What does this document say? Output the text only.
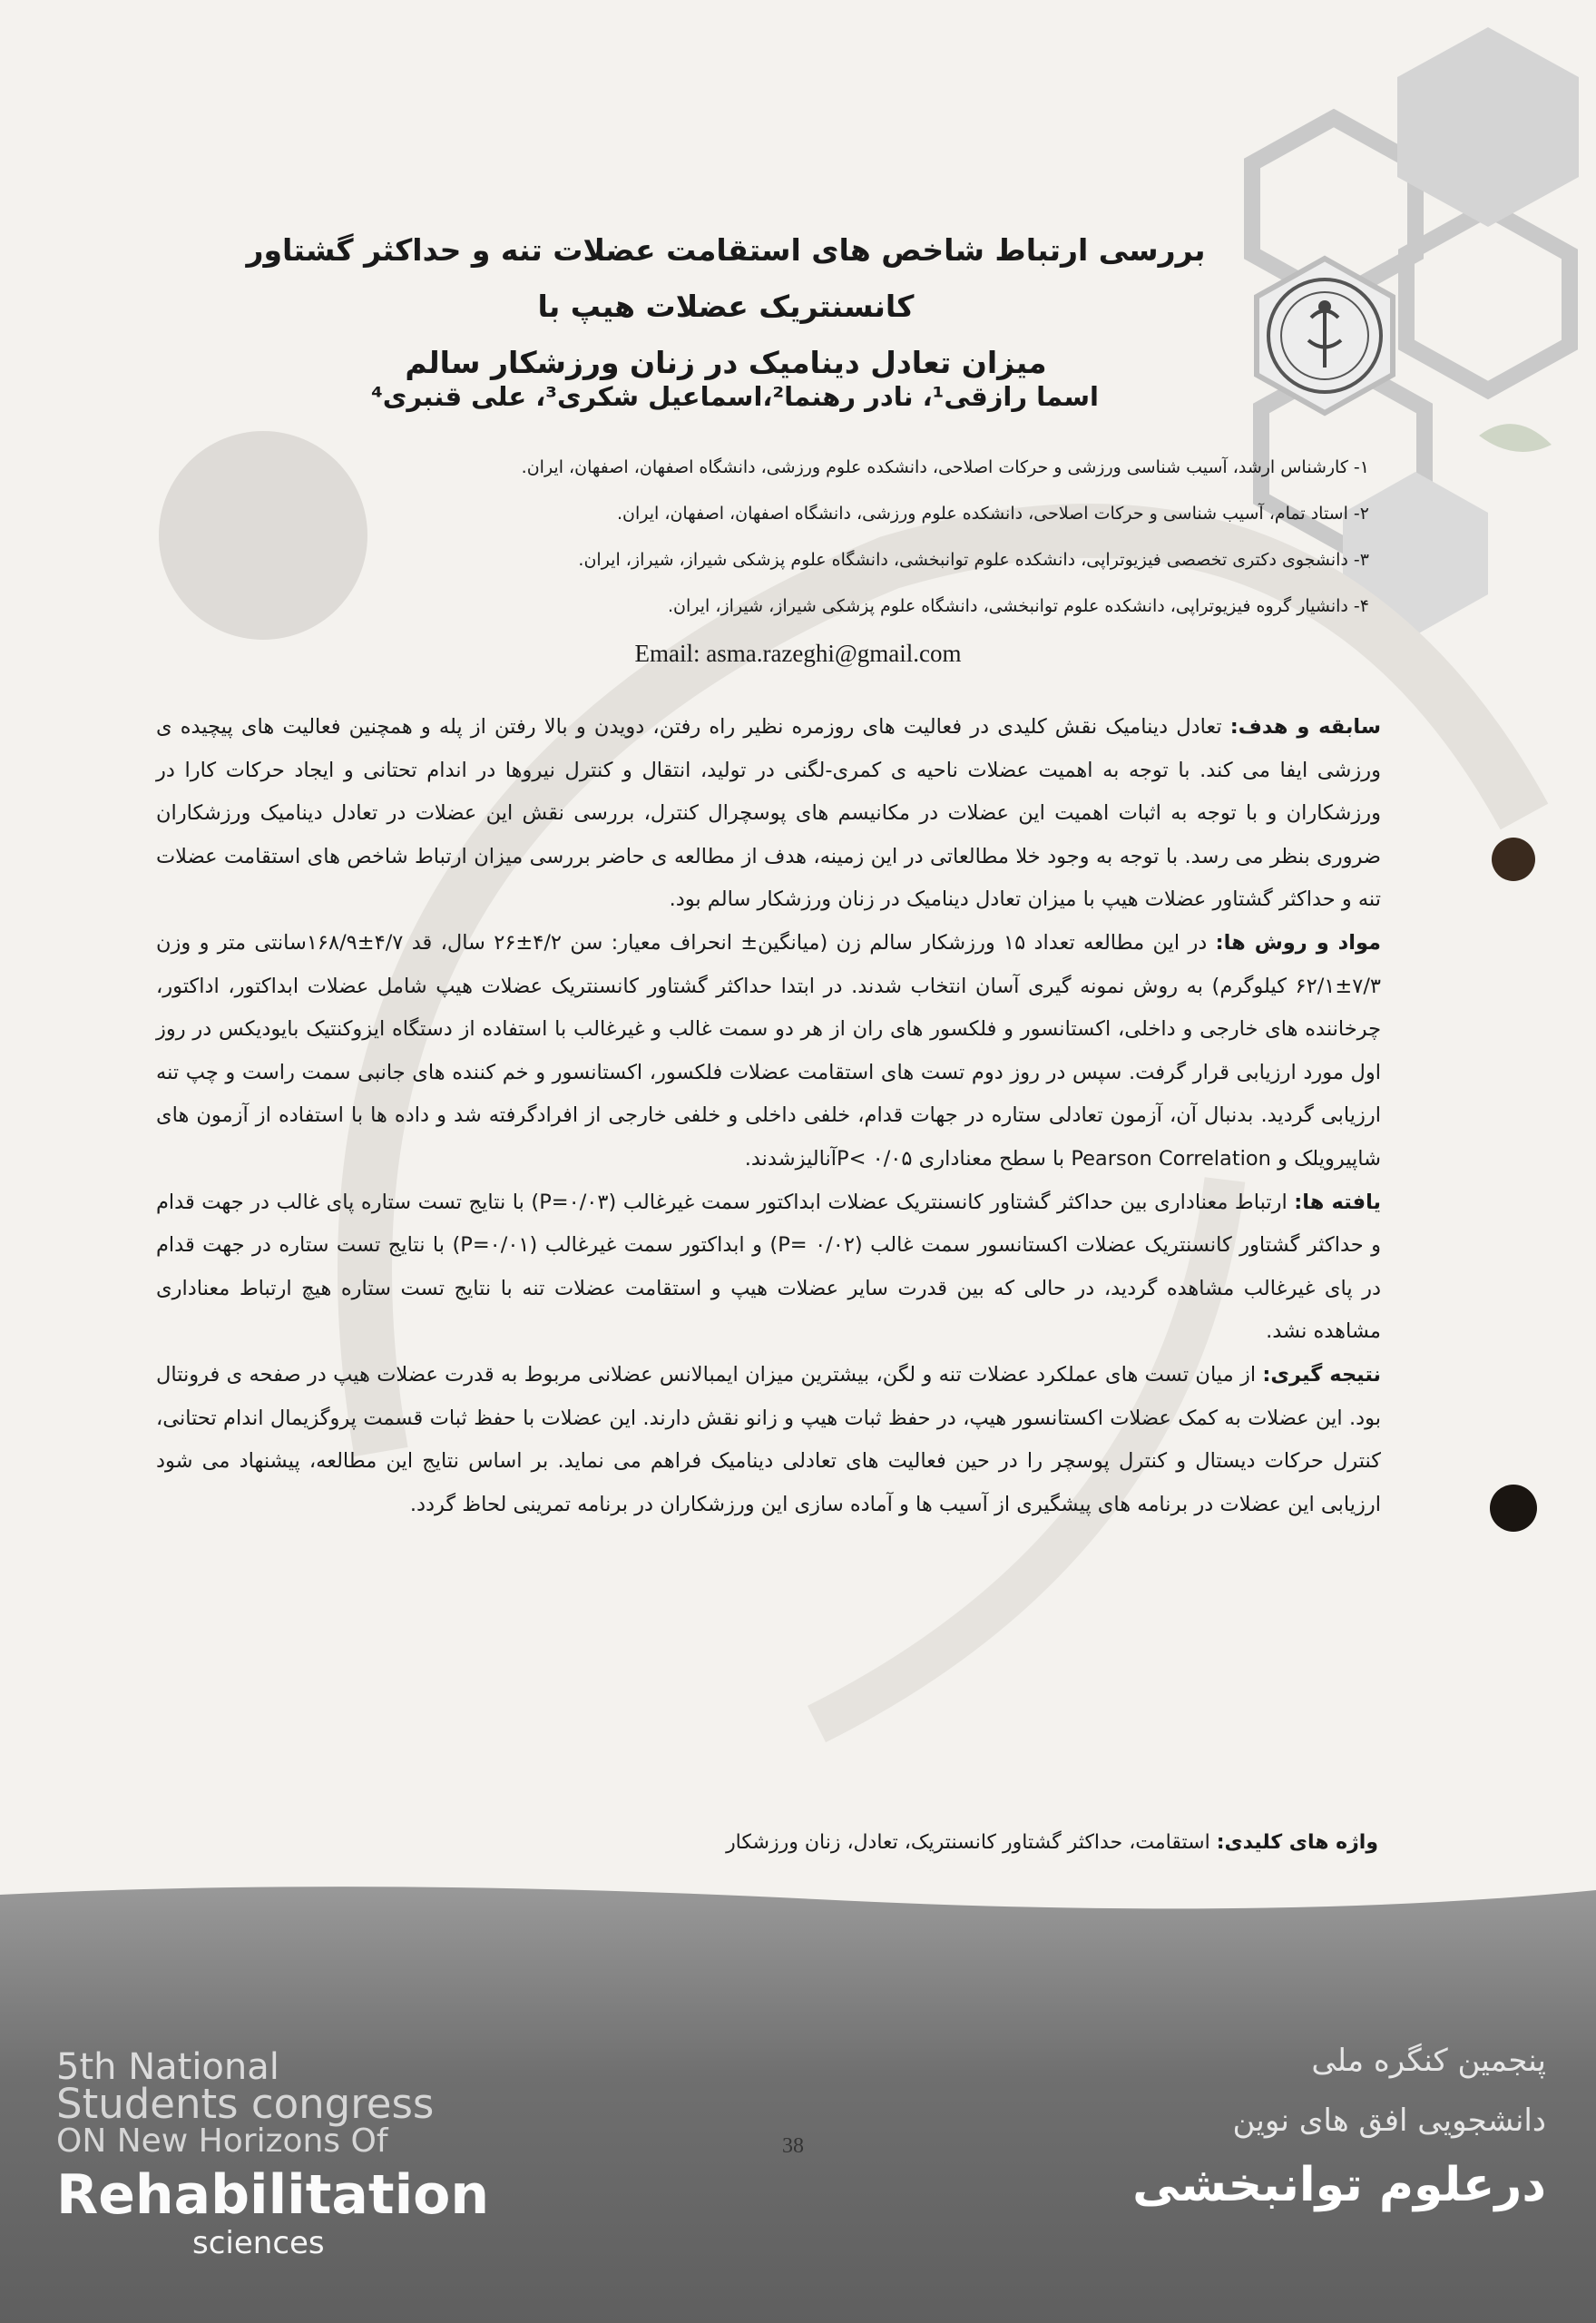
بررسی ارتباط شاخص های استقامت عضلات تنه و حداکثر گشتاور کانسنتریک عضلات هیپ با
میزان تعادل دینامیک در زنان ورزشکار سالم
اسما رازقی¹، نادر رهنما²،اسماعیل شکری³، علی قنبری⁴
۱- کارشناس ارشد، آسیب شناسی ورزشی و حرکات اصلاحی، دانشکده علوم ورزشی، دانشگاه اصفهان، اصفهان، ایران.
۲- استاد تمام، آسیب شناسی و حرکات اصلاحی، دانشکده علوم ورزشی، دانشگاه اصفهان، اصفهان، ایران.
۳- دانشجوی دکتری تخصصی فیزیوتراپی، دانشکده علوم توانبخشی، دانشگاه علوم پزشکی شیراز، شیراز، ایران.
۴- دانشیار گروه فیزیوتراپی، دانشکده علوم توانبخشی، دانشگاه علوم پزشکی شیراز، شیراز، ایران.
Email: asma.razeghi@gmail.com

سابقه و هدف: تعادل دینامیک نقش کلیدی در فعالیت های روزمره نظیر راه رفتن، دویدن و بالا رفتن از پله و همچنین فعالیت های پیچیده ی ورزشی ایفا می کند. با توجه به اهمیت عضلات ناحیه ی کمری-لگنی در تولید، انتقال و کنترل نیروها در اندام تحتانی و ایجاد حرکات کارا در ورزشکاران و با توجه به اثبات اهمیت این عضلات در مکانیسم های پوسچرال کنترل، بررسی نقش این عضلات در تعادل دینامیک ورزشکاران ضروری بنظر می رسد. با توجه به وجود خلا مطالعاتی در این زمینه، هدف از مطالعه ی حاضر بررسی میزان ارتباط شاخص های استقامت عضلات تنه و حداکثر گشتاور عضلات هیپ با میزان تعادل دینامیک در زنان ورزشکار سالم بود.

مواد و روش ها: در این مطالعه تعداد ۱۵ ورزشکار سالم زن (میانگین± انحراف معیار: سن ۴/۲±۲۶ سال، قد ۴/۷±۱۶۸/۹سانتی متر و وزن ۷/۳±۶۲/۱ کیلوگرم) به روش نمونه گیری آسان انتخاب شدند. در ابتدا حداکثر گشتاور کانسنتریک عضلات هیپ شامل عضلات ابداکتور، اداکتور، چرخاننده های خارجی و داخلی، اکستانسور و فلکسور های ران از هر دو سمت غالب و غیرغالب با استفاده از دستگاه ایزوکنتیک بایودیکس در روز اول مورد ارزیابی قرار گرفت. سپس در روز دوم تست های استقامت عضلات فلکسور، اکستانسور و خم کننده های جانبی سمت راست و چپ تنه ارزیابی گردید. بدنبال آن، آزمون تعادلی ستاره در جهات قدام، خلفی داخلی و خلفی خارجی از افرادگرفته شد و داده ها با استفاده از آزمون های شاپیرویلک و Pearson Correlation با سطح معناداری P< ۰/۰۵آنالیزشدند.

یافته ها: ارتباط معناداری بین حداکثر گشتاور کانسنتریک عضلات ابداکتور سمت غیرغالب (P=۰/۰۳) با نتایج تست ستاره پای غالب در جهت قدام و حداکثر گشتاور کانسنتریک عضلات اکستانسور سمت غالب (P= ۰/۰۲) و ابداکتور سمت غیرغالب (P=۰/۰۱) با نتایج تست ستاره در جهت قدام در پای غیرغالب مشاهده گردید، در حالی که بین قدرت سایر عضلات هیپ و استقامت عضلات تنه با نتایج تست ستاره هیچ ارتباط معناداری مشاهده نشد.

نتیجه گیری: از میان تست های عملکرد عضلات تنه و لگن، بیشترین میزان ایمبالانس عضلانی مربوط به قدرت عضلات هیپ در صفحه ی فرونتال بود. این عضلات به کمک عضلات اکستانسور هیپ، در حفظ ثبات هیپ و زانو نقش دارند. این عضلات با حفظ ثبات قسمت پروگزیمال اندام تحتانی، کنترل حرکات دیستال و کنترل پوسچر را در حین فعالیت های تعادلی دینامیک فراهم می نماید. بر اساس نتایج این مطالعه، پیشنهاد می شود ارزیابی این عضلات در برنامه های پیشگیری از آسیب ها و آماده سازی این ورزشکاران در برنامه تمرینی لحاظ گردد.

واژه های کلیدی: استقامت، حداکثر گشتاور کانسنتریک، تعادل، زنان ورزشکار
5th National
Students congress
ON New Horizons Of
Rehabilitation
sciences
پنجمین کنگره ملی
دانشجویی افق های نوین
درعلوم توانبخشی
38
